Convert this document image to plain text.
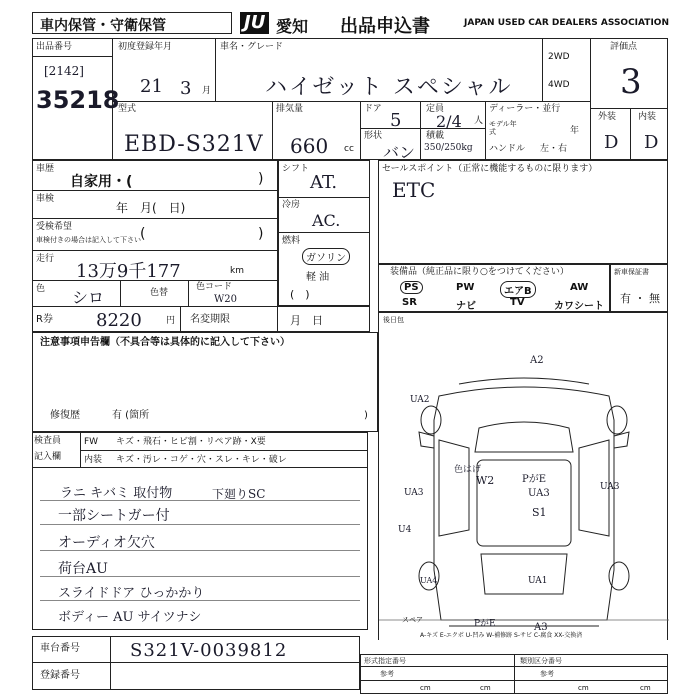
車内保管・守衛保管	JU 愛知 出品申込書	JAPAN USED CAR DEALERS ASSOCIATION
出品番号
[2142]
35218
初度登録年月
21 3 月
車名・グレード
ハイゼット スペシャル
2WD
4WD
評価点
3
型式
EBD-S321V
排気量
660 cc
ドア
5
形状
バン
定員
2/4 人
積載
350/250kg
ディーラー・並行
モデル年式	年
ハンドル 左・右
外装 内装
D D
車歴
自家用・(	)
車検
年　月(　日)
受検希望
車検付きの場合は記入して下さい (	)
走行
13万9千177	km
色 シロ	色替
色コード
W20
R券 8220	円 名変期限	月　日
シフト
AT.
冷房
AC.
燃料
ガソリン
軽 油
(　)
セールスポイント（正常に機能するものに限ります）
ETC
装備品（純正品に限り○をつけてください）
PS	PW	エアB	AW
SR	ナビ	TV	カワシート
新車保証書
有 ・ 無
注意事項申告欄（不具合等は具体的に記入して下さい）
修復歴	有 (箇所	)
後日包
検査員
記入欄
FW キズ・飛石・ヒビ割・リペア跡・X要
内装 キズ・汚レ・コゲ・穴・スレ・キレ・破レ
ラニ キバミ 取付物
一部シートガー付
オーディオ欠穴
荷台AU
スライドドア ひっかかり
ボディー AU サイツナシ
下廻りSC
車台番号	S321V-0039812
登録番号
A2
UA2
色はげ
W2	PがE
UA3
S1
UA3
UA3
U4
UA4	UA1
PがE	A3
スペア
A-キズ E-エクボ U-凹み W-補修跡 S-サビ C-腐食 XX-交換済
形式指定番号
参考
類別区分番号
参考
cm	cm	cm	cm
